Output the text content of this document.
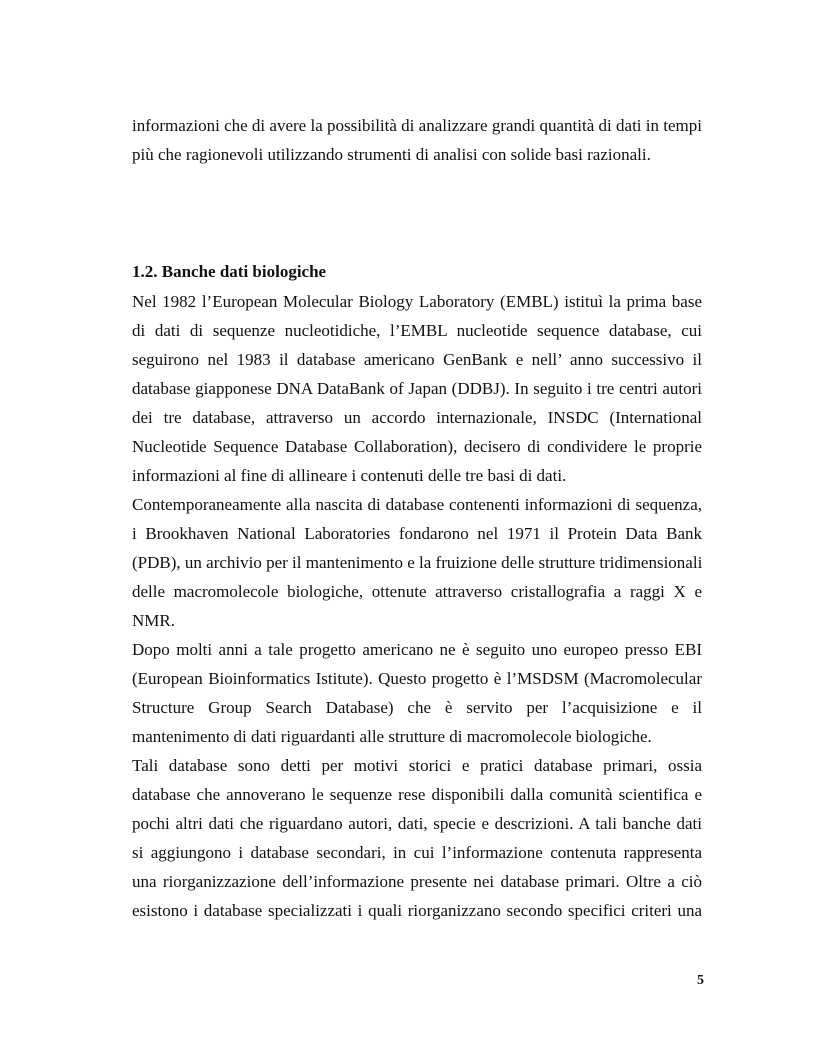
informazioni che di avere la possibilità di analizzare grandi quantità di dati in tempi
più che ragionevoli utilizzando strumenti di analisi con solide basi razionali.
1.2. Banche dati biologiche
Nel 1982 l’European Molecular Biology Laboratory (EMBL) istituì la prima base
di dati di sequenze nucleotidiche, l’EMBL nucleotide sequence database, cui
seguirono nel 1983 il database americano GenBank e nell’ anno successivo il
database giapponese DNA DataBank of Japan (DDBJ). In seguito i tre centri autori
dei tre database, attraverso un accordo internazionale, INSDC (International
Nucleotide Sequence Database Collaboration), decisero di condividere le proprie
informazioni al fine di allineare i contenuti delle tre basi di dati.
Contemporaneamente alla nascita di database contenenti informazioni di sequenza,
i Brookhaven National Laboratories fondarono nel 1971 il Protein Data Bank
(PDB), un archivio per il mantenimento e la fruizione delle strutture tridimensionali
delle macromolecole biologiche, ottenute attraverso cristallografia a raggi X e
NMR.
Dopo molti anni a tale progetto americano ne è seguito uno europeo presso EBI
(European Bioinformatics Istitute). Questo progetto è l’MSDSM (Macromolecular
Structure Group Search Database) che è servito per l’acquisizione e il
mantenimento di dati riguardanti alle strutture di macromolecole biologiche.
Tali database sono detti per motivi storici e pratici database primari, ossia
database che annoverano le sequenze rese disponibili dalla comunità scientifica e
pochi altri dati che riguardano autori, dati, specie e descrizioni. A tali banche dati
si aggiungono i database secondari, in cui l’informazione contenuta rappresenta
una riorganizzazione dell’informazione presente nei database primari. Oltre a ciò
esistono i database specializzati i quali riorganizzano secondo specifici criteri una
5
